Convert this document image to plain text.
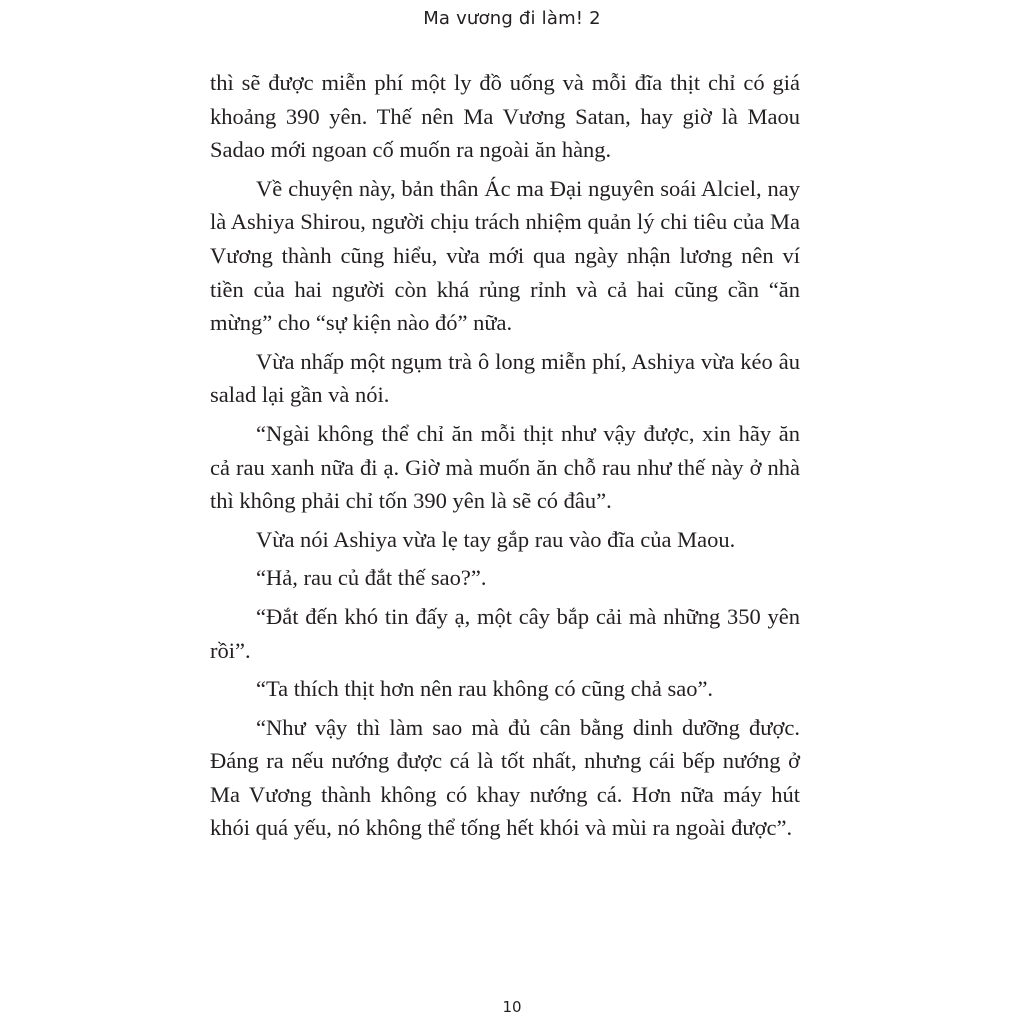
Ma vương đi làm! 2

thì sẽ được miễn phí một ly đồ uống và mỗi đĩa thịt chỉ có giá khoảng 390 yên. Thế nên Ma Vương Satan, hay giờ là Maou Sadao mới ngoan cố muốn ra ngoài ăn hàng.

Về chuyện này, bản thân Ác ma Đại nguyên soái Alciel, nay là Ashiya Shirou, người chịu trách nhiệm quản lý chi tiêu của Ma Vương thành cũng hiểu, vừa mới qua ngày nhận lương nên ví tiền của hai người còn khá rủng rỉnh và cả hai cũng cần “ăn mừng” cho “sự kiện nào đó” nữa.

Vừa nhấp một ngụm trà ô long miễn phí, Ashiya vừa kéo âu salad lại gần và nói.

“Ngài không thể chỉ ăn mỗi thịt như vậy được, xin hãy ăn cả rau xanh nữa đi ạ. Giờ mà muốn ăn chỗ rau như thế này ở nhà thì không phải chỉ tốn 390 yên là sẽ có đâu”.

Vừa nói Ashiya vừa lẹ tay gắp rau vào đĩa của Maou.

“Hả, rau củ đắt thế sao?”.

“Đắt đến khó tin đấy ạ, một cây bắp cải mà những 350 yên rồi”.

“Ta thích thịt hơn nên rau không có cũng chả sao”.

“Như vậy thì làm sao mà đủ cân bằng dinh dưỡng được. Đáng ra nếu nướng được cá là tốt nhất, nhưng cái bếp nướng ở Ma Vương thành không có khay nướng cá. Hơn nữa máy hút khói quá yếu, nó không thể tống hết khói và mùi ra ngoài được”.

10
